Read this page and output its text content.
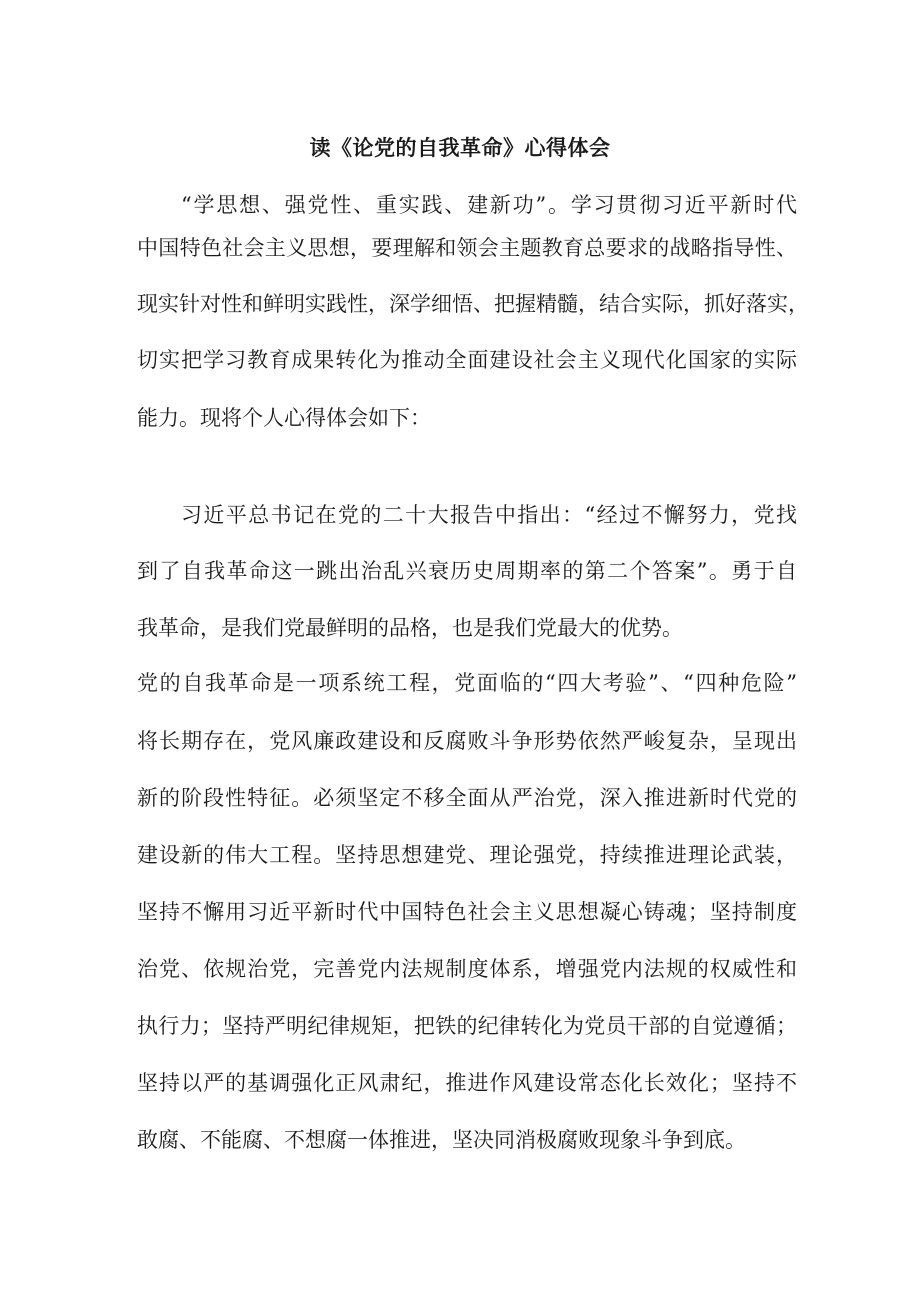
读《论党的自我革命》心得体会
“学思想、强党性、重实践、建新功”。学习贯彻习近平新时代
中国特色社会主义思想，要理解和领会主题教育总要求的战略指导性、
现实针对性和鲜明实践性，深学细悟、把握精髓，结合实际，抓好落实，
切实把学习教育成果转化为推动全面建设社会主义现代化国家的实际
能力。现将个人心得体会如下：
习近平总书记在党的二十大报告中指出：“经过不懈努力，党找
到了自我革命这一跳出治乱兴衰历史周期率的第二个答案”。勇于自
我革命，是我们党最鲜明的品格，也是我们党最大的优势。
党的自我革命是一项系统工程，党面临的“四大考验”、“四种危险”
将长期存在，党风廉政建设和反腐败斗争形势依然严峻复杂，呈现出
新的阶段性特征。必须坚定不移全面从严治党，深入推进新时代党的
建设新的伟大工程。坚持思想建党、理论强党，持续推进理论武装，
坚持不懈用习近平新时代中国特色社会主义思想凝心铸魂；坚持制度
治党、依规治党，完善党内法规制度体系，增强党内法规的权威性和
执行力；坚持严明纪律规矩，把铁的纪律转化为党员干部的自觉遵循；
坚持以严的基调强化正风肃纪，推进作风建设常态化长效化；坚持不
敢腐、不能腐、不想腐一体推进，坚决同消极腐败现象斗争到底。
